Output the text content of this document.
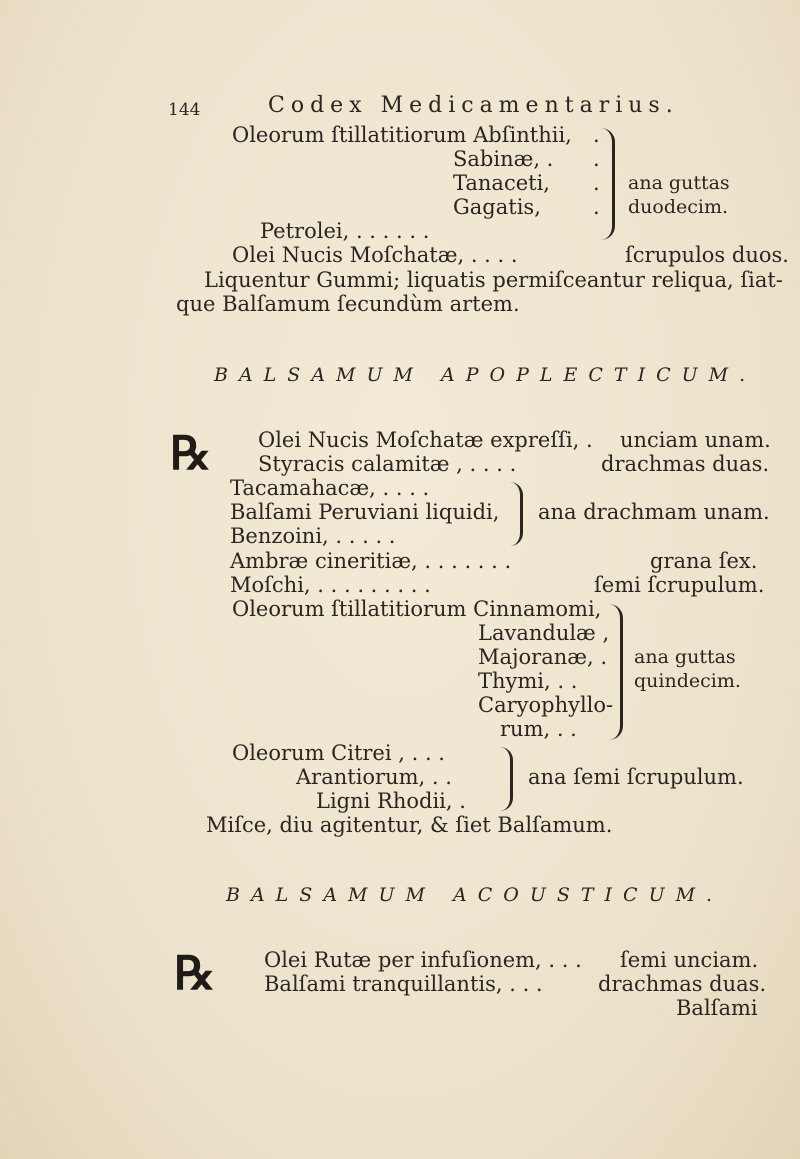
144	Codex Medicamentarius.
Oleorum ſtillatitiorum Abſinthii, .
Sabinæ, . .
Tanaceti, .
Gagatis, .
Petrolei, . . . . . .
ana guttas
duodecim.
Olei Nucis Moſchatæ, . . . .	ſcrupulos duos.
Liquentur Gummi; liquatis permiſceantur reliqua, ſiat-
que Balſamum ſecundùm artem.
BALSAMUM APOPLECTICUM.
℞ Olei Nucis Moſchatæ expreſſi, . unciam unam.
Styracis calamitæ , . . . .	drachmas duas.
Tacamahacæ, . . . .
Balſami Peruviani liquidi,
Benzoini, . . . . .
ana drachmam unam.
Ambræ cineritiæ, . . . . . . .	grana ſex.
Moſchi, . . . . . . . . .	ſemi ſcrupulum.
Oleorum ſtillatitiorum Cinnamomi,
Lavandulæ ,
Majoranæ, .
Thymi, . .
Caryophyllo-
rum, . .
ana guttas
quindecim.
Oleorum Citrei , . . .
Arantiorum, . .
Ligni Rhodii, .
ana ſemi ſcrupulum.
Miſce, diu agitentur, & ſiet Balſamum.
BALSAMUM ACOUSTICUM.
℞ Olei Rutæ per infuſionem, . . . ſemi unciam.
Balſami tranquillantis, . . .	drachmas duas.
Balſami
